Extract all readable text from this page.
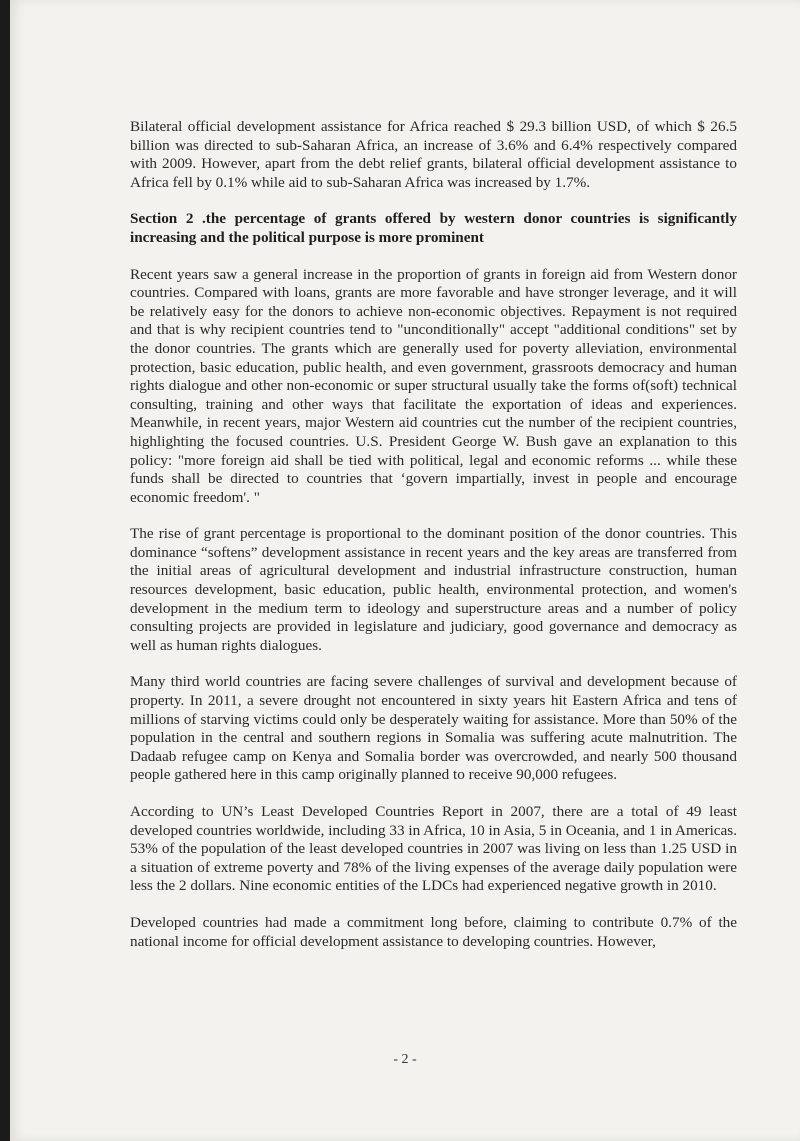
Bilateral official development assistance for Africa reached $ 29.3 billion USD, of which $ 26.5 billion was directed to sub-Saharan Africa, an increase of 3.6% and 6.4% respectively compared with 2009. However, apart from the debt relief grants, bilateral official development assistance to Africa fell by 0.1% while aid to sub-Saharan Africa was increased by 1.7%.

Section 2 .the percentage of grants offered by western donor countries is significantly increasing and the political purpose is more prominent

Recent years saw a general increase in the proportion of grants in foreign aid from Western donor countries. Compared with loans, grants are more favorable and have stronger leverage, and it will be relatively easy for the donors to achieve non-economic objectives. Repayment is not required and that is why recipient countries tend to "unconditionally" accept "additional conditions" set by the donor countries. The grants which are generally used for poverty alleviation, environmental protection, basic education, public health, and even government, grassroots democracy and human rights dialogue and other non-economic or super structural usually take the forms of(soft) technical consulting, training and other ways that facilitate the exportation of ideas and experiences. Meanwhile, in recent years, major Western aid countries cut the number of the recipient countries, highlighting the focused countries. U.S. President George W. Bush gave an explanation to this policy: "more foreign aid shall be tied with political, legal and economic reforms ... while these funds shall be directed to countries that ‘govern impartially, invest in people and encourage economic freedom'. "

The rise of grant percentage is proportional to the dominant position of the donor countries. This dominance “softens” development assistance in recent years and the key areas are transferred from the initial areas of agricultural development and industrial infrastructure construction, human resources development, basic education, public health, environmental protection, and women's development in the medium term to ideology and superstructure areas and a number of policy consulting projects are provided in legislature and judiciary, good governance and democracy as well as human rights dialogues.

Many third world countries are facing severe challenges of survival and development because of property. In 2011, a severe drought not encountered in sixty years hit Eastern Africa and tens of millions of starving victims could only be desperately waiting for assistance. More than 50% of the population in the central and southern regions in Somalia was suffering acute malnutrition. The Dadaab refugee camp on Kenya and Somalia border was overcrowded, and nearly 500 thousand people gathered here in this camp originally planned to receive 90,000 refugees.

According to UN’s Least Developed Countries Report in 2007, there are a total of 49 least developed countries worldwide, including 33 in Africa, 10 in Asia, 5 in Oceania, and 1 in Americas. 53% of the population of the least developed countries in 2007 was living on less than 1.25 USD in a situation of extreme poverty and 78% of the living expenses of the average daily population were less the 2 dollars. Nine economic entities of the LDCs had experienced negative growth in 2010.

Developed countries had made a commitment long before, claiming to contribute 0.7% of the national income for official development assistance to developing countries. However,

- 2 -
